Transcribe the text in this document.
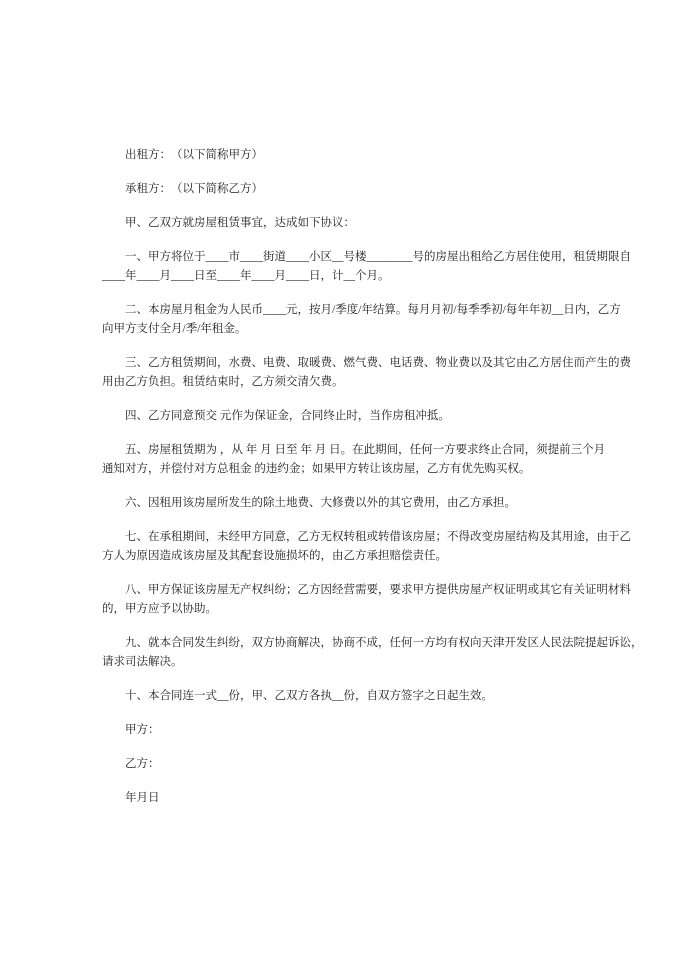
出租方：　（以下简称甲方）
承租方：　（以下简称乙方）
甲、乙双方就房屋租赁事宜，达成如下协议：
一、甲方将位于____市____街道____小区__号楼________号的房屋出租给乙方居住使用，租赁期限自
____年____月____日至____年____月____日，计__个月。
二、本房屋月租金为人民币____元，按月/季度/年结算。每月月初/每季季初/每年年初__日内，乙方
向甲方支付全月/季/年租金。
三、乙方租赁期间，水费、电费、取暖费、燃气费、电话费、物业费以及其它由乙方居住而产生的费
用由乙方负担。租赁结束时，乙方须交清欠费。
四、乙方同意预交 元作为保证金，合同终止时，当作房租冲抵。
五、房屋租赁期为 ，从 年 月 日至 年 月 日。在此期间，任何一方要求终止合同，须提前三个月
通知对方，并偿付对方总租金 的违约金；如果甲方转让该房屋，乙方有优先购买权。
六、因租用该房屋所发生的除土地费、大修费以外的其它费用，由乙方承担。
七、在承租期间，未经甲方同意，乙方无权转租或转借该房屋；不得改变房屋结构及其用途，由于乙
方人为原因造成该房屋及其配套设施损坏的，由乙方承担赔偿责任。
八、甲方保证该房屋无产权纠纷；乙方因经营需要，要求甲方提供房屋产权证明或其它有关证明材料
的，甲方应予以协助。
九、就本合同发生纠纷，双方协商解决，协商不成，任何一方均有权向天津开发区人民法院提起诉讼，
请求司法解决。
十、本合同连一式__份，甲、乙双方各执__份，自双方签字之日起生效。
甲方：
乙方：
年月日
